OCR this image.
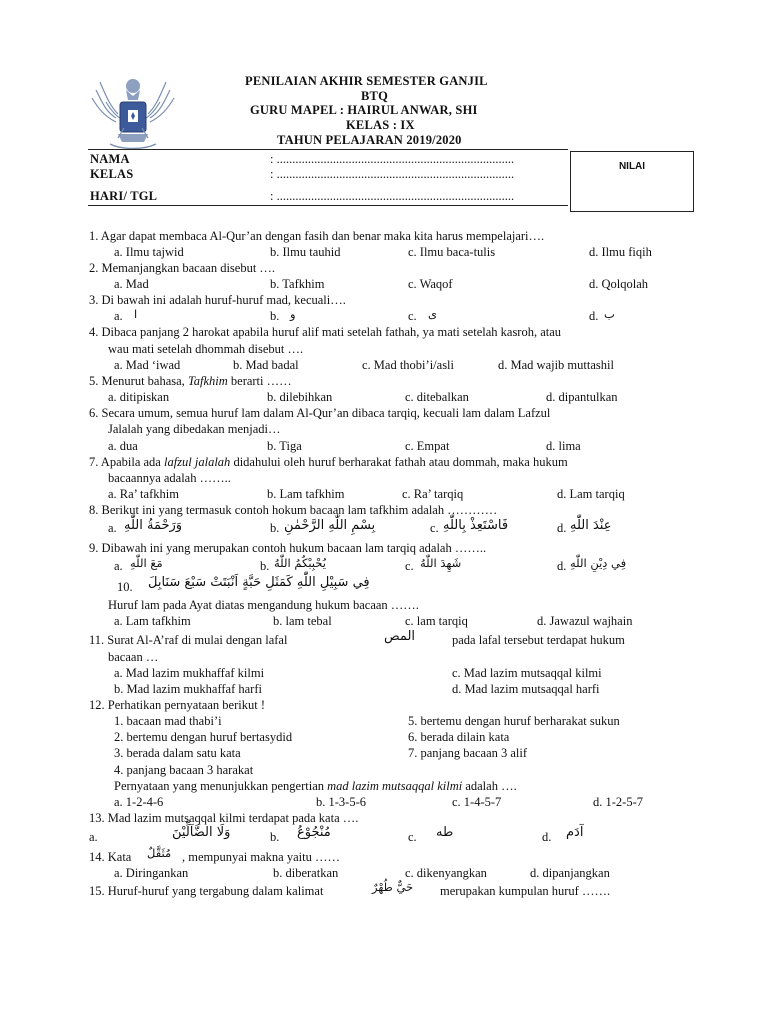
PENILAIAN AKHIR SEMESTER GANJIL
BTQ
GURU MAPEL : HAIRUL ANWAR, SHI
KELAS : IX
TAHUN PELAJARAN 2019/2020
NAMA	: ............................................................................
KELAS	: ............................................................................
HARI/ TGL	: ............................................................................
NILAI
1. Agar dapat membaca Al-Qur’an dengan fasih dan benar maka kita harus mempelajari….
a. Ilmu tajwid	b. Ilmu tauhid	c. Ilmu baca-tulis	d. Ilmu fiqih
2. Memanjangkan bacaan disebut ….
a. Mad	b. Tafkhim	c. Waqof	d. Qolqolah
3. Di bawah ini adalah huruf-huruf mad, kecuali….
a. ا	b. و	c. ى	d. ب
4. Dibaca panjang 2 harokat apabila huruf alif mati setelah fathah, ya mati setelah kasroh, atau
wau mati setelah dhommah disebut ….
a. Mad ‘iwad	b. Mad badal	c. Mad thobi’i/asli	d. Mad wajib muttashil
5. Menurut bahasa, Tafkhim berarti ……
a. ditipiskan	b. dilebihkan	c. ditebalkan	d. dipantulkan
6. Secara umum, semua huruf lam dalam Al-Qur’an dibaca tarqiq, kecuali lam dalam Lafzul
Jalalah yang dibedakan menjadi…
a. dua	b. Tiga	c. Empat	d. lima
7. Apabila ada lafzul jalalah didahului oleh huruf berharakat fathah atau dommah, maka hukum
bacaannya adalah ……..
a. Ra’ tafkhim	b. Lam tafkhim	c. Ra’ tarqiq	d. Lam tarqiq
8. Berikut ini yang termasuk contoh hokum bacaan lam tafkhim adalah …………
a. وَرَحْمَةُ اللّٰهِ	b. بِسْمِ اللّٰهِ الرَّحْمٰنِ	c. فَاسْتَعِذْ بِاللّٰهِ	d. عِنْدَ اللّٰهِ
9. Dibawah ini yang merupakan contoh hukum bacaan lam tarqiq adalah ……..
a. مَعَ اللّٰهِ	b. يُحْبِبْكُمُ اللّٰهُ	c. شَهِدَ اللّٰهُ	d. فِي دِيْنِ اللّٰهِ
10. فِي سَبِيْلِ اللّٰهِ كَمَثَلِ حَبَّةٍ اَنْبَتَتْ سَبْعَ سَنَابِلَ
Huruf lam pada Ayat diatas mengandung hukum bacaan …….
a. Lam tafkhim	b. lam tebal	c. lam tarqiq	d. Jawazul wajhain
11. Surat Al-A’raf di mulai dengan lafal	المص	pada lafal tersebut terdapat hukum
bacaan …
a. Mad lazim mukhaffaf kilmi
b. Mad lazim mukhaffaf harfi
c. Mad lazim mutsaqqal kilmi
d. Mad lazim mutsaqqal harfi
12. Perhatikan pernyataan berikut !
1. bacaan mad thabi’i
2. bertemu dengan huruf bertasydid
3. berada dalam satu kata
4. panjang bacaan 3 harakat
5. bertemu dengan huruf berharakat sukun
6. berada dilain kata
7. panjang bacaan 3 alif
Pernyataan yang menunjukkan pengertian mad lazim mutsaqqal kilmi adalah ….
a. 1-2-4-6	b. 1-3-5-6	c. 1-4-5-7	d. 1-2-5-7
13. Mad lazim mutsaqqal kilmi terdapat pada kata ….
a.	وَلَا الضَّآلِّيْنَ	b. مُنْجُوْعُ	c. طه	d. آدَم
14. Kata مُثَقَّلٌ , mempunyai makna yaitu ……
a. Diringankan	b. diberatkan	c. dikenyangkan	d. dipanjangkan
15. Huruf-huruf yang tergabung dalam kalimat	حَيٌّ طُهْرٌ merupakan kumpulan huruf …….
